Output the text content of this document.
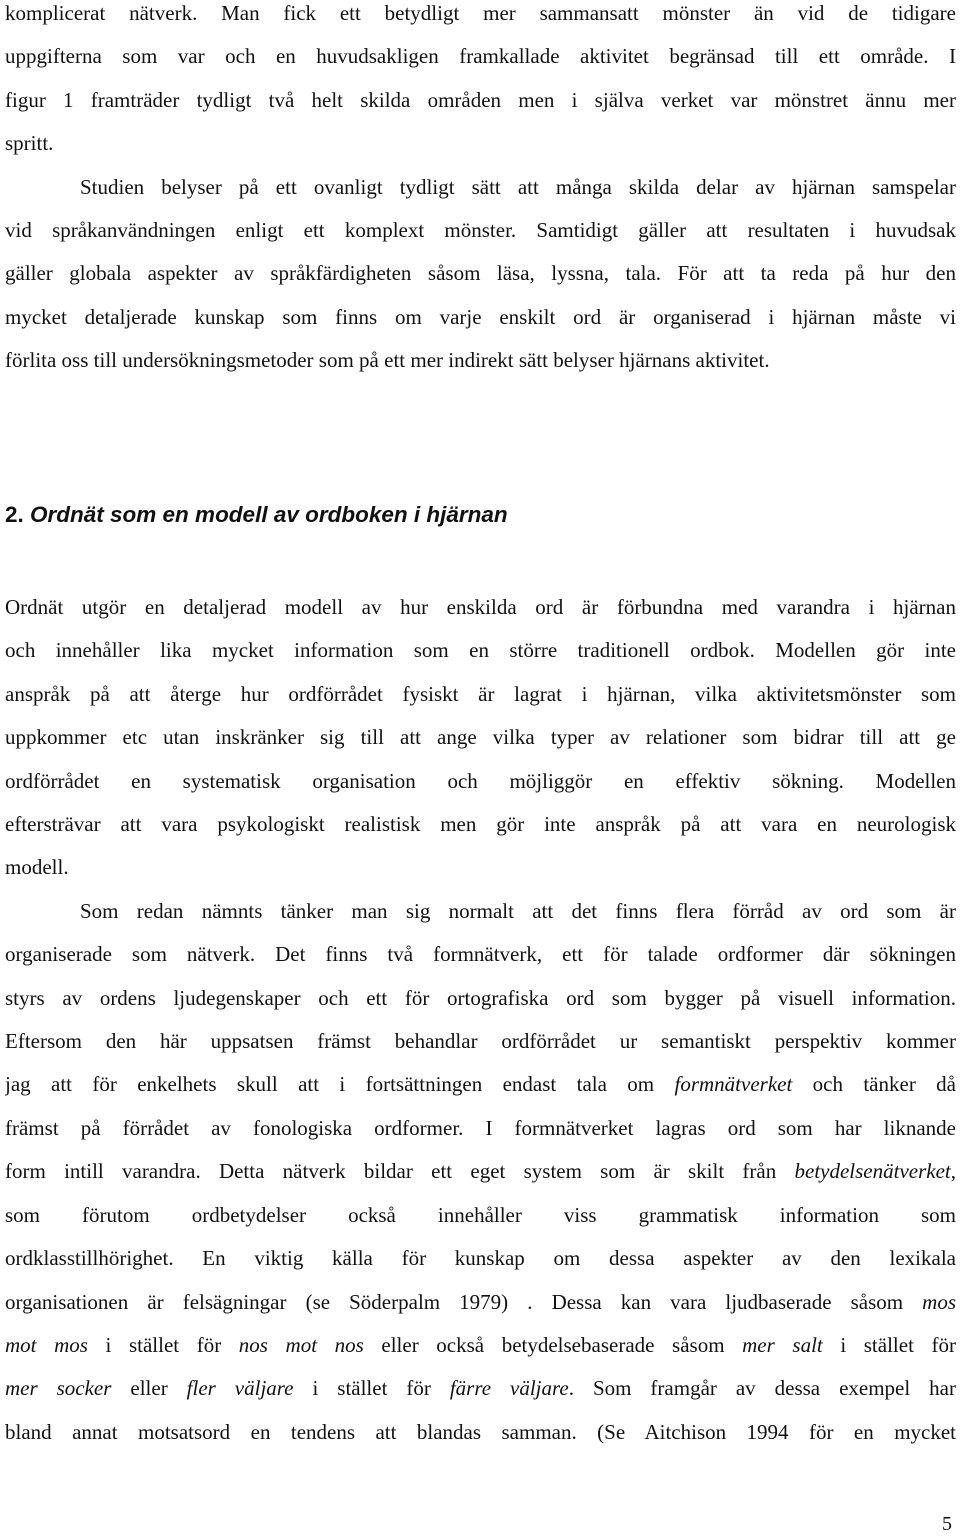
komplicerat nätverk. Man fick ett betydligt mer sammansatt mönster än vid de tidigare
uppgifterna som var och en huvudsakligen framkallade aktivitet begränsad till ett område. I
figur 1 framträder tydligt två helt skilda områden men i själva verket var mönstret ännu mer
spritt.

Studien belyser på ett ovanligt tydligt sätt att många skilda delar av hjärnan samspelar
vid språkanvändningen enligt ett komplext mönster. Samtidigt gäller att resultaten i huvudsak
gäller globala aspekter av språkfärdigheten såsom läsa, lyssna, tala. För att ta reda på hur den
mycket detaljerade kunskap som finns om varje enskilt ord är organiserad i hjärnan måste vi
förlita oss till undersökningsmetoder som på ett mer indirekt sätt belyser hjärnans aktivitet.

2. Ordnät som en modell av ordboken i hjärnan

Ordnät utgör en detaljerad modell av hur enskilda ord är förbundna med varandra i hjärnan
och innehåller lika mycket information som en större traditionell ordbok. Modellen gör inte
anspråk på att återge hur ordförrådet fysiskt är lagrat i hjärnan, vilka aktivitetsmönster som
uppkommer etc utan inskränker sig till att ange vilka typer av relationer som bidrar till att ge
ordförrådet en systematisk organisation och möjliggör en effektiv sökning. Modellen
eftersträvar att vara psykologiskt realistisk men gör inte anspråk på att vara en neurologisk
modell.

Som redan nämnts tänker man sig normalt att det finns flera förråd av ord som är
organiserade som nätverk. Det finns två formnätverk, ett för talade ordformer där sökningen
styrs av ordens ljudegenskaper och ett för ortografiska ord som bygger på visuell information.
Eftersom den här uppsatsen främst behandlar ordförrådet ur semantiskt perspektiv kommer
jag att för enkelhets skull att i fortsättningen endast tala om formnätverket och tänker då
främst på förrådet av fonologiska ordformer. I formnätverket lagras ord som har liknande
form intill varandra. Detta nätverk bildar ett eget system som är skilt från betydelsenätverket,
som förutom ordbetydelser också innehåller viss grammatisk information som
ordklasstillhörighet. En viktig källa för kunskap om dessa aspekter av den lexikala
organisationen är felsägningar (se Söderpalm 1979) . Dessa kan vara ljudbaserade såsom mos
mot mos i stället för nos mot nos eller också betydelsebaserade såsom mer salt i stället för
mer socker eller fler väljare i stället för färre väljare. Som framgår av dessa exempel har
bland annat motsatsord en tendens att blandas samman. (Se Aitchison 1994 för en mycket

5
